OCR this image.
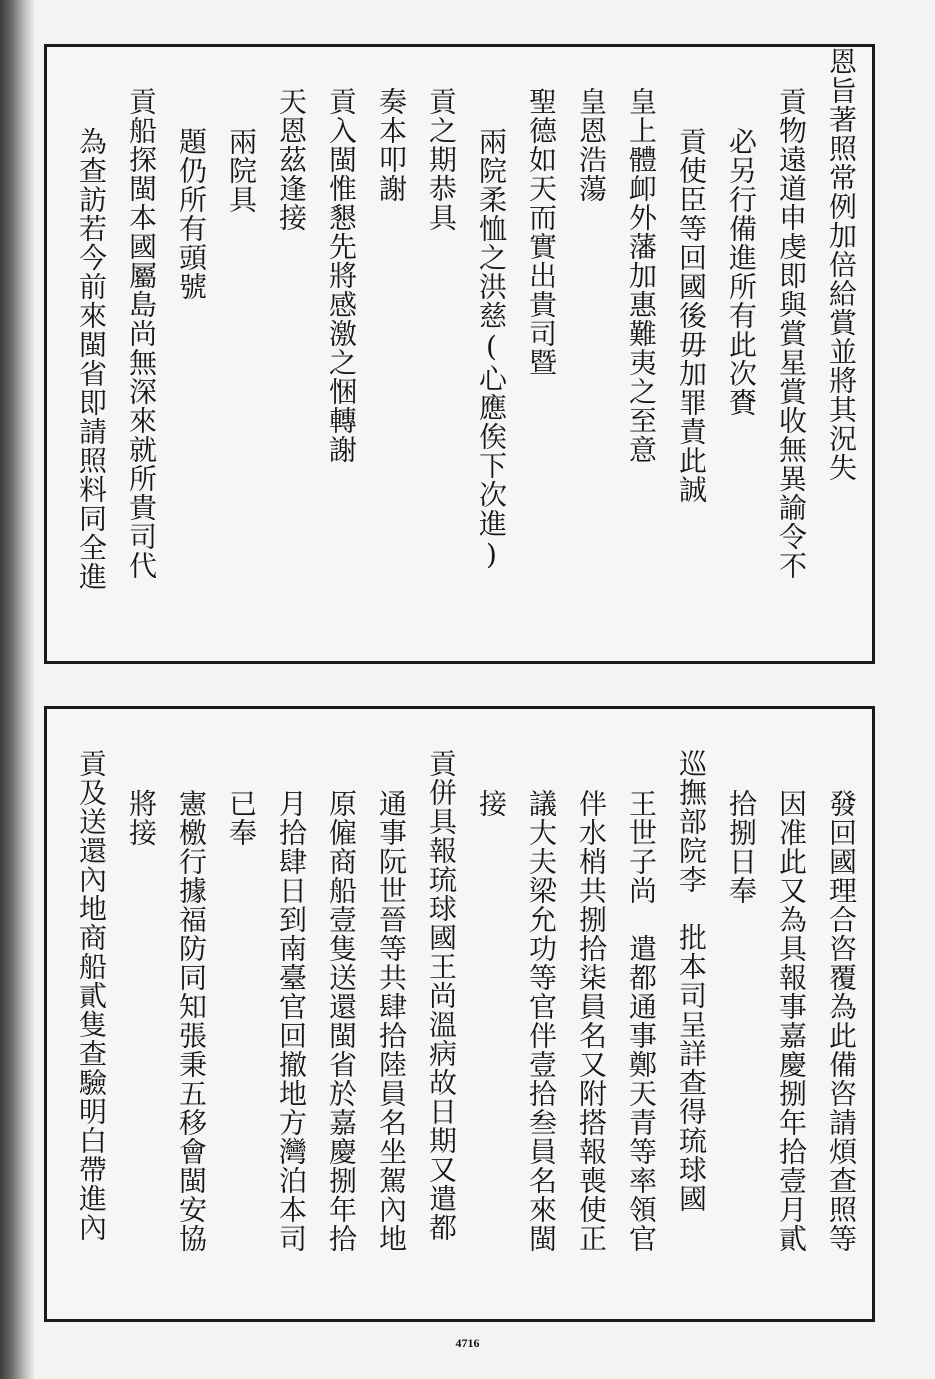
恩旨著照常例加倍給賞並將其況失
貢物遠道申虔即與賞星賞收無異諭令不
必另行備進所有此次賚
貢使臣等回國後毋加罪責此誠
皇上體卹外藩加惠難夷之至意
皇恩浩蕩
聖德如天而實出貴司暨
兩院柔恤之洪慈(心應俟下次進)
貢之期恭具
奏本叩謝
貢入閩惟懇先將感激之悃轉謝
天恩茲逢接
兩院具
題仍所有頭號
貢船探閩本國屬島尚無深來就所貴司代
為查訪若今前來閩省即請照料同全進
發回國理合咨覆為此備咨請煩查照等
因准此又為具報事嘉慶捌年拾壹月貳
拾捌日奉
巡撫部院李　批本司呈詳查得琉球國
王世子尚　遣都通事鄭天青等率領官
伴水梢共捌拾柒員名又附搭報喪使正
議大夫梁允功等官伴壹拾叁員名來閩
接
貢併具報琉球國王尚溫病故日期又遣都
通事阮世晉等共肆拾陸員名坐駕內地
原僱商船壹隻送還閩省於嘉慶捌年拾
月拾肆日到南臺官回撤地方灣泊本司
已奉
憲檄行據福防同知張秉五移會閩安協
將接
貢及送還內地商船貳隻查驗明白帶進內
4716
